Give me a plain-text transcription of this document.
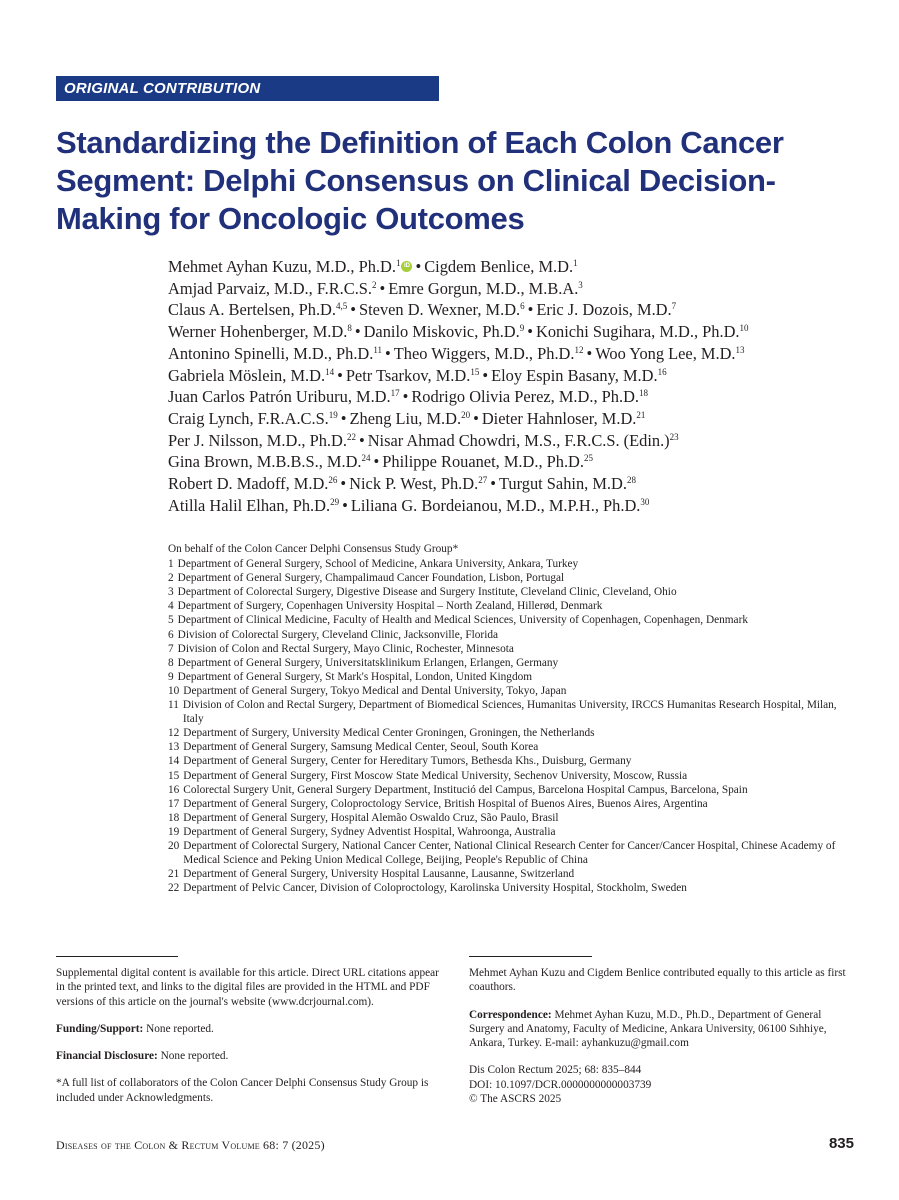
ORIGINAL CONTRIBUTION
Standardizing the Definition of Each Colon Cancer
Segment: Delphi Consensus on Clinical Decision-
Making for Oncologic Outcomes
Mehmet Ayhan Kuzu, M.D., Ph.D.$^1$ iD • Cigdem Benlice, M.D.$^1$
Amjad Parvaiz, M.D., F.R.C.S.$^2$ • Emre Gorgun, M.D., M.B.A.$^3$
Claus A. Bertelsen, Ph.D.$^{4,5}$ • Steven D. Wexner, M.D.$^6$ • Eric J. Dozois, M.D.$^7$
Werner Hohenberger, M.D.$^8$ • Danilo Miskovic, Ph.D.$^9$ • Konichi Sugihara, M.D., Ph.D.$^{10}$
Antonino Spinelli, M.D., Ph.D.$^{11}$ • Theo Wiggers, M.D., Ph.D.$^{12}$ • Woo Yong Lee, M.D.$^{13}$
Gabriela Möslein, M.D.$^{14}$ • Petr Tsarkov, M.D.$^{15}$ • Eloy Espin Basany, M.D.$^{16}$
Juan Carlos Patrón Uriburu, M.D.$^{17}$ • Rodrigo Olivia Perez, M.D., Ph.D.$^{18}$
Craig Lynch, F.R.A.C.S.$^{19}$ • Zheng Liu, M.D.$^{20}$ • Dieter Hahnloser, M.D.$^{21}$
Per J. Nilsson, M.D., Ph.D.$^{22}$ • Nisar Ahmad Chowdri, M.S., F.R.C.S. (Edin.)$^{23}$
Gina Brown, M.B.B.S., M.D.$^{24}$ • Philippe Rouanet, M.D., Ph.D.$^{25}$
Robert D. Madoff, M.D.$^{26}$ • Nick P. West, Ph.D.$^{27}$ • Turgut Sahin, M.D.$^{28}$
Atilla Halil Elhan, Ph.D.$^{29}$ • Liliana G. Bordeianou, M.D., M.P.H., Ph.D.$^{30}$
On behalf of the Colon Cancer Delphi Consensus Study Group*
1 Department of General Surgery, School of Medicine, Ankara University, Ankara, Turkey
2 Department of General Surgery, Champalimaud Cancer Foundation, Lisbon, Portugal
3 Department of Colorectal Surgery, Digestive Disease and Surgery Institute, Cleveland Clinic, Cleveland, Ohio
4 Department of Surgery, Copenhagen University Hospital – North Zealand, Hillerød, Denmark
5 Department of Clinical Medicine, Faculty of Health and Medical Sciences, University of Copenhagen, Copenhagen, Denmark
6 Division of Colorectal Surgery, Cleveland Clinic, Jacksonville, Florida
7 Division of Colon and Rectal Surgery, Mayo Clinic, Rochester, Minnesota
8 Department of General Surgery, Universitatsklinikum Erlangen, Erlangen, Germany
9 Department of General Surgery, St Mark's Hospital, London, United Kingdom
10 Department of General Surgery, Tokyo Medical and Dental University, Tokyo, Japan
11 Division of Colon and Rectal Surgery, Department of Biomedical Sciences, Humanitas University, IRCCS Humanitas Research Hospital, Milan, Italy
12 Department of Surgery, University Medical Center Groningen, Groningen, the Netherlands
13 Department of General Surgery, Samsung Medical Center, Seoul, South Korea
14 Department of General Surgery, Center for Hereditary Tumors, Bethesda Khs., Duisburg, Germany
15 Department of General Surgery, First Moscow State Medical University, Sechenov University, Moscow, Russia
16 Colorectal Surgery Unit, General Surgery Department, Institució del Campus, Barcelona Hospital Campus, Barcelona, Spain
17 Department of General Surgery, Coloproctology Service, British Hospital of Buenos Aires, Buenos Aires, Argentina
18 Department of General Surgery, Hospital Alemão Oswaldo Cruz, São Paulo, Brasil
19 Department of General Surgery, Sydney Adventist Hospital, Wahroonga, Australia
20 Department of Colorectal Surgery, National Cancer Center, National Clinical Research Center for Cancer/Cancer Hospital, Chinese Academy of Medical Science and Peking Union Medical College, Beijing, People's Republic of China
21 Department of General Surgery, University Hospital Lausanne, Lausanne, Switzerland
22 Department of Pelvic Cancer, Division of Coloproctology, Karolinska University Hospital, Stockholm, Sweden

Supplemental digital content is available for this article. Direct URL citations appear in the printed text, and links to the digital files are provided in the HTML and PDF versions of this article on the journal's website (www.dcrjournal.com).

Funding/Support: None reported.

Financial Disclosure: None reported.

*A full list of collaborators of the Colon Cancer Delphi Consensus Study Group is included under Acknowledgments.

Mehmet Ayhan Kuzu and Cigdem Benlice contributed equally to this article as first coauthors.

Correspondence: Mehmet Ayhan Kuzu, M.D., Ph.D., Department of General Surgery and Anatomy, Faculty of Medicine, Ankara University, 06100 Sıhhiye, Ankara, Turkey. E-mail: ayhankuzu@gmail.com

Dis Colon Rectum 2025; 68: 835–844
DOI: 10.1097/DCR.0000000000003739
© The ASCRS 2025
Diseases of the Colon & Rectum Volume 68: 7 (2025)	835
